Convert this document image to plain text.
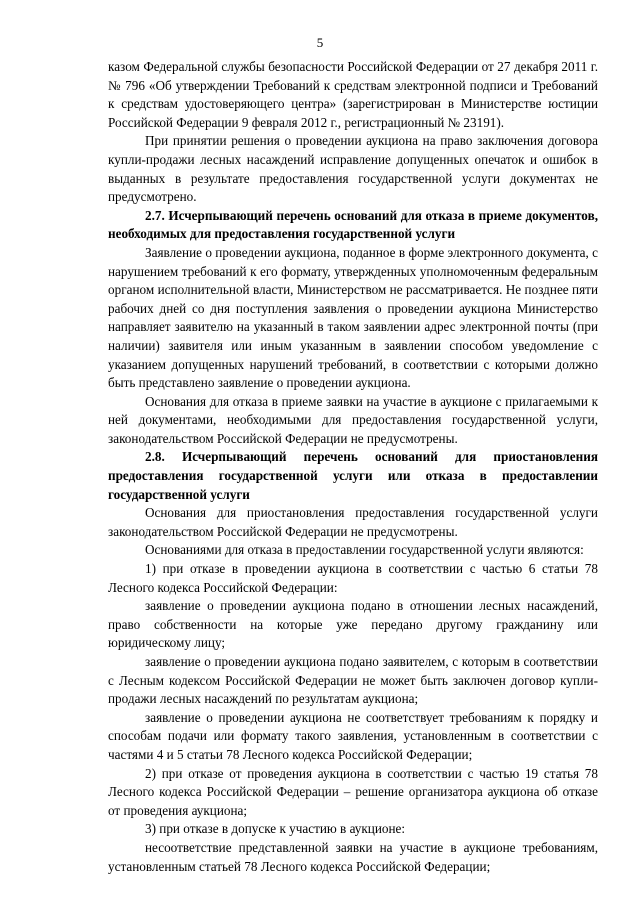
5

казом Федеральной службы безопасности Российской Федерации от 27 декабря 2011 г. № 796 «Об утверждении Требований к средствам электронной подписи и Требований к средствам удостоверяющего центра» (зарегистрирован в Министерстве юстиции Российской Федерации 9 февраля 2012 г., регистрационный № 23191).

При принятии решения о проведении аукциона на право заключения договора купли-продажи лесных насаждений исправление допущенных опечаток и ошибок в выданных в результате предоставления государственной услуги документах не предусмотрено.

2.7. Исчерпывающий перечень оснований для отказа в приеме документов, необходимых для предоставления государственной услуги

Заявление о проведении аукциона, поданное в форме электронного документа, с нарушением требований к его формату, утвержденных уполномоченным федеральным органом исполнительной власти, Министерством не рассматривается. Не позднее пяти рабочих дней со дня поступления заявления о проведении аукциона Министерство направляет заявителю на указанный в таком заявлении адрес электронной почты (при наличии) заявителя или иным указанным в заявлении способом уведомление с указанием допущенных нарушений требований, в соответствии с которыми должно быть представлено заявление о проведении аукциона.

Основания для отказа в приеме заявки на участие в аукционе с прилагаемыми к ней документами, необходимыми для предоставления государственной услуги, законодательством Российской Федерации не предусмотрены.

2.8. Исчерпывающий перечень оснований для приостановления предоставления государственной услуги или отказа в предоставлении государственной услуги

Основания для приостановления предоставления государственной услуги законодательством Российской Федерации не предусмотрены.

Основаниями для отказа в предоставлении государственной услуги являются:

1) при отказе в проведении аукциона в соответствии с частью 6 статьи 78 Лесного кодекса Российской Федерации:

заявление о проведении аукциона подано в отношении лесных насаждений, право собственности на которые уже передано другому гражданину или юридическому лицу;

заявление о проведении аукциона подано заявителем, с которым в соответствии с Лесным кодексом Российской Федерации не может быть заключен договор купли-продажи лесных насаждений по результатам аукциона;

заявление о проведении аукциона не соответствует требованиям к порядку и способам подачи или формату такого заявления, установленным в соответствии с частями 4 и 5 статьи 78 Лесного кодекса Российской Федерации;

2) при отказе от проведения аукциона в соответствии с частью 19 статья 78 Лесного кодекса Российской Федерации – решение организатора аукциона об отказе от проведения аукциона;

3) при отказе в допуске к участию в аукционе:

несоответствие представленной заявки на участие в аукционе требованиям, установленным статьей 78 Лесного кодекса Российской Федерации;
